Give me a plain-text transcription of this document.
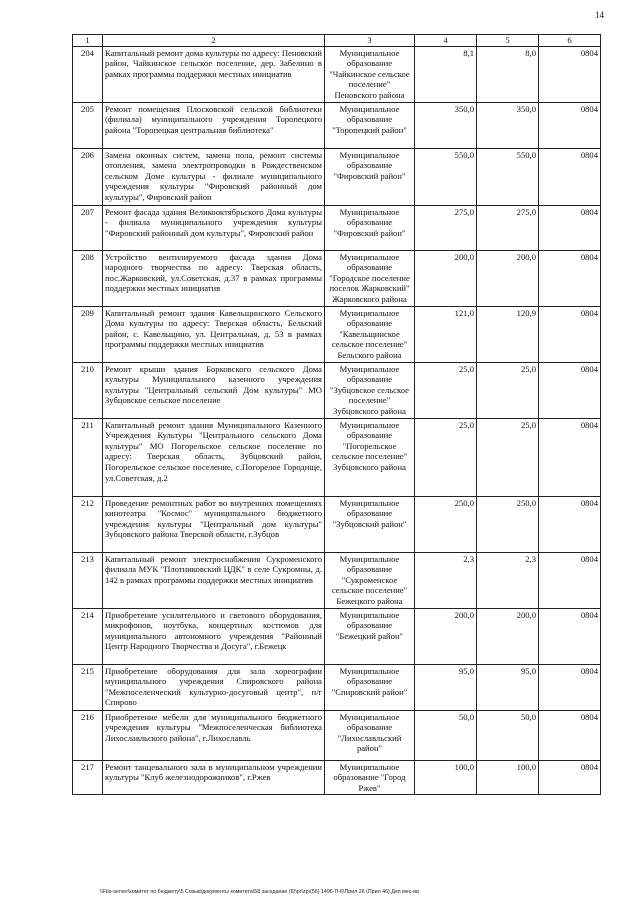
14
1	2	3	4	5	6
204	Капитальный ремонт дома культуры по адресу: Пеновский район, Чайкинское сельское поселение, дер. Забелино в рамках программы поддержки местных инициатив	Муниципальное образование "Чайкинское сельское поселение" Пеновского района	8,1	8,0	0804
205	Ремонт помещения Плосковской сельской библиотеки (филиала) муниципального учреждения Торопецкого района "Торопецкая центральная библиотека"	Муниципальное образование "Торопецкий район"	350,0	350,0	0804
206	Замена оконных систем, замена пола, ремонт системы отопления, замена электропроводки в Рождественском сельском Доме культуры - филиале муниципального учреждения культуры "Фировский районный дом культуры", Фировский район	Муниципальное образование "Фировский район"	550,0	550,0	0804
207	Ремонт фасада здания Великооктябрьского Дома культуры - филиала муниципального учреждения культуры "Фировский районный дом культуры", Фировский район	Муниципальное образование "Фировский район"	275,0	275,0	0804
208	Устройство вентилируемого фасада здания Дома народного творчества по адресу: Тверская область, пос.Жарковский, ул.Советская, д.37 в рамках программы поддержки местных инициатив	Муниципальное образование "Городское поселение поселок Жарковский" Жарковского района	200,0	200,0	0804
209	Капитальный ремонт здания Кавельщинского Сельского Дома культуры по адресу: Тверская область, Бельский район, с. Кавельщино, ул. Центральная, д. 53 в рамках программы поддержки местных инициатив	Муниципальное образование "Кавельщинское сельское поселение" Бельского района	121,0	120,9	0804
210	Ремонт крыши здания Борковского сельского Дома культуры Муниципального казенного учреждения культуры "Центральный сельский Дом культуры" МО Зубцовское сельское поселение	Муниципальное образование "Зубцовское сельское поселение" Зубцовского района	25,0	25,0	0804
211	Капитальный ремонт здания Муниципального Казенного Учреждения Культуры "Центрального сельского Дома культуры" МО Погорельское сельское поселение по адресу: Тверская область, Зубцовский район, Погорельское сельское поселение, с.Погорелое Городище, ул.Советская, д.2	Муниципальное образование "Погорельское сельское поселение" Зубцовского района	25,0	25,0	0804
212	Проведение ремонтных работ во внутренних помещениях кинотеатра "Космос" муниципального бюджетного учреждения культуры "Центральный дом культуры" Зубцовского района Тверской области, г.Зубцов	Муниципальное образование "Зубцовский район"	250,0	250,0	0804
213	Капитальный ремонт электроснабжения Сукроменского филиала МУК "Плотниковский ЦДК" в селе Сукромны, д. 142 в рамках программы поддержки местных инициатив	Муниципальное образование "Сукроменское сельское поселение" Бежецкого района	2,3	2,3	0804
214	Приобретение усилительного и светового оборудования, микрофонов, ноутбука, концертных костюмов для муниципального автономного учреждения "Районный Центр Народного Творчества и Досуга", г.Бежецк	Муниципальное образование "Бежецкий район"	200,0	200,0	0804
215	Приобретение оборудования для зала хореографии муниципального учреждения Спировского района "Межпоселенческий культурно-досуговый центр", п/г Спирово	Муниципальное образование "Спировский район"	95,0	95,0	0804
216	Приобретение мебели для муниципального бюджетного учреждения культуры "Межпоселенческая библиотека Лихославльского района", г.Лихославль	Муниципальное образование "Лихославльский район"	50,0	50,0	0804
217	Ремонт танцевального зала в муниципальном учреждении культуры "Клуб железнодорожников", г.Ржев	Муниципальное образование "Город Ржев"	100,0	100,0	0804
\\File-server\комитет по бюджету\5 Созыв\документы комитета\58 заседание (6)\pr\zp\(56) 1496-П-6\Прил 26 (Прил 46) Деп мес-ив
